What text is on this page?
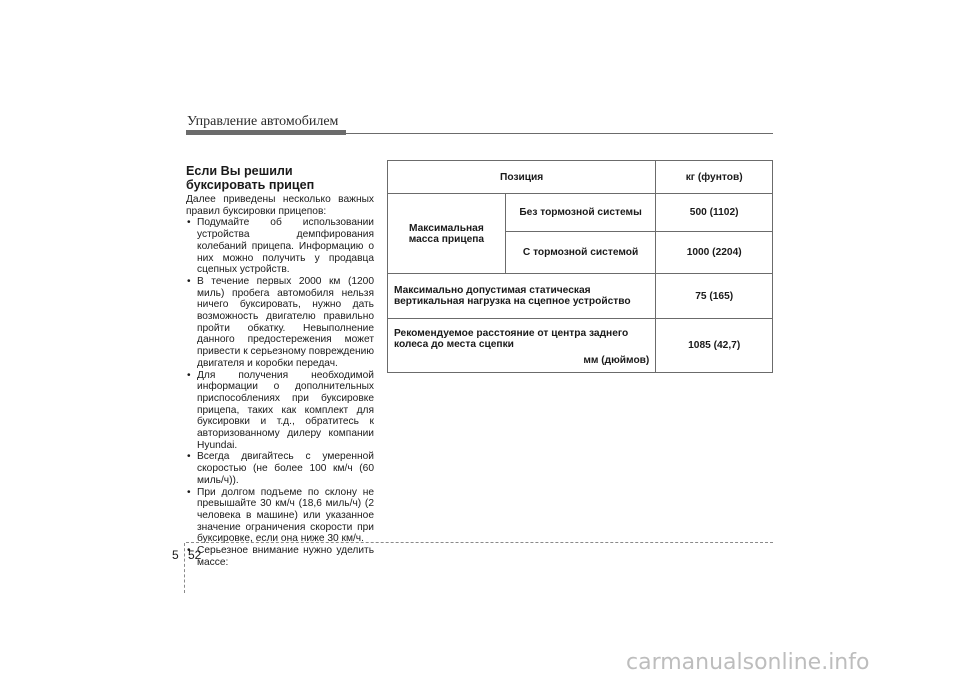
Управление автомобилем
Если Вы решили буксировать прицеп

Далее приведены несколько важных правил буксировки прицепов:

• Подумайте об использовании устройства демпфирования колебаний прицепа. Информацию о них можно получить у продавца сцепных устройств.
• В течение первых 2000 км (1200 миль) пробега автомобиля нельзя ничего буксировать, нужно дать возможность двигателю правильно пройти обкатку. Невыполнение данного предостережения может привести к серьезному повреждению двигателя и коробки передач.
• Для получения необходимой информации о дополнительных приспособлениях при буксировке прицепа, таких как комплект для буксировки и т.д., обратитесь к авторизованному дилеру компании Hyundai.
• Всегда двигайтесь с умеренной скоростью (не более 100 км/ч (60 миль/ч)).
• При долгом подъеме по склону не превышайте 30 км/ч (18,6 миль/ч) (2 человека в машине) или указанное значение ограничения скорости при буксировке, если она ниже 30 км/ч.
• Серьезное внимание нужно уделить массе:
Позиция		кг (фунтов)
Максимальная масса прицепа	Без тормозной системы	500 (1102)
	С тормозной системой	1000 (2204)
Максимально допустимая статическая вертикальная нагрузка на сцепное устройство		75 (165)

Рекомендуемое расстояние от центра заднего колеса до места сцепки
мм (дюймов)		1085 (42,7)
5 52
carmanualsonline.info
